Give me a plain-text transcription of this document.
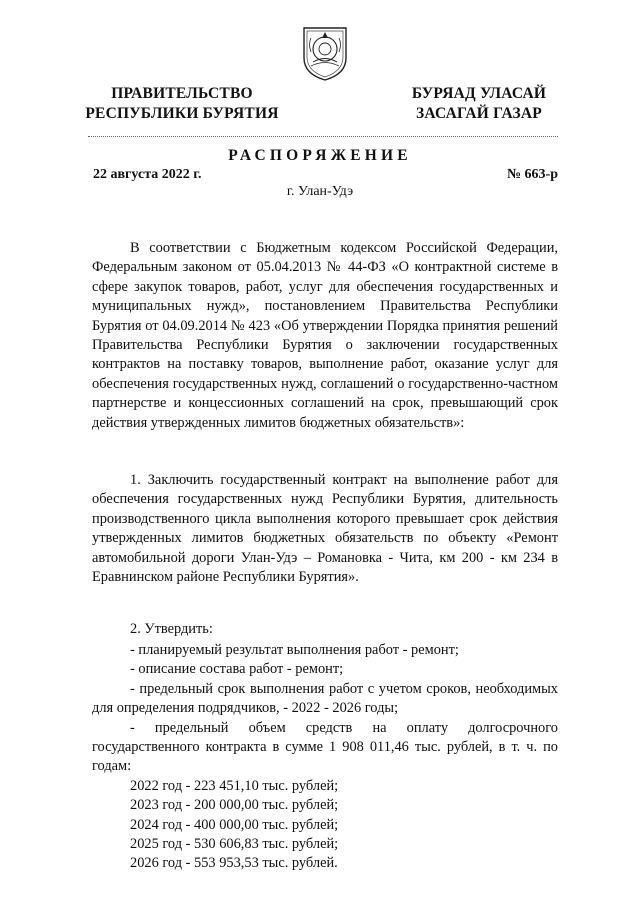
ПРАВИТЕЛЬСТВО
РЕСПУБЛИКИ БУРЯТИЯ
БУРЯАД УЛАСАЙ
ЗАСАГАЙ ГАЗАР
РАСПОРЯЖЕНИЕ
22 августа 2022 г.	№ 663-р
г. Улан-Удэ

В соответствии с Бюджетным кодексом Российской Федерации, Федеральным законом от 05.04.2013 № 44-ФЗ «О контрактной системе в сфере закупок товаров, работ, услуг для обеспечения государственных и муниципальных нужд», постановлением Правительства Республики Бурятия от 04.09.2014 № 423 «Об утверждении Порядка принятия решений Правительства Республики Бурятия о заключении государственных контрактов на поставку товаров, выполнение работ, оказание услуг для обеспечения государственных нужд, соглашений о государственно-частном партнерстве и концессионных соглашений на срок, превышающий срок действия утвержденных лимитов бюджетных обязательств»:

1. Заключить государственный контракт на выполнение работ для обеспечения государственных нужд Республики Бурятия, длительность производственного цикла выполнения которого превышает срок действия утвержденных лимитов бюджетных обязательств по объекту «Ремонт автомобильной дороги Улан-Удэ – Романовка - Чита, км 200 - км 234 в Еравнинском районе Республики Бурятия».

2. Утвердить:

- планируемый результат выполнения работ - ремонт;

- описание состава работ - ремонт;

- предельный срок выполнения работ с учетом сроков, необходимых для определения подрядчиков, - 2022 - 2026 годы;

- предельный объем средств на оплату долгосрочного государственного контракта в сумме 1 908 011,46 тыс. рублей, в т. ч. по годам:

2022 год - 223 451,10 тыс. рублей;

2023 год - 200 000,00 тыс. рублей;

2024 год - 400 000,00 тыс. рублей;

2025 год - 530 606,83 тыс. рублей;

2026 год - 553 953,53 тыс. рублей.
